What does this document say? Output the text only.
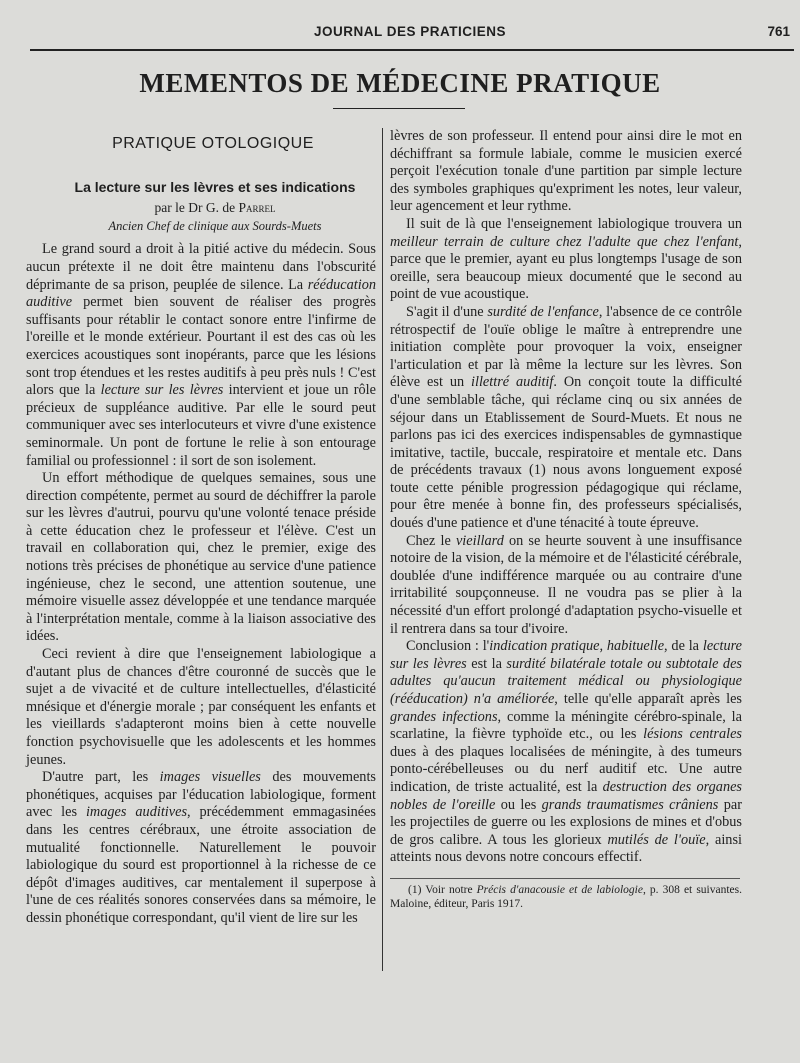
JOURNAL DES PRATICIENS	761
MEMENTOS DE MÉDECINE PRATIQUE
PRATIQUE OTOLOGIQUE
La lecture sur les lèvres et ses indications
par le Dr G. de Parrel
Ancien Chef de clinique aux Sourds-Muets

Le grand sourd a droit à la pitié active du médecin. Sous aucun prétexte il ne doit être maintenu dans l'obscurité déprimante de sa prison, peuplée de silence. La rééducation auditive permet bien souvent de réaliser des progrès suffisants pour rétablir le contact sonore entre l'infirme de l'oreille et le monde extérieur. Pourtant il est des cas où les exercices acoustiques sont inopérants, parce que les lésions sont trop étendues et les restes auditifs à peu près nuls ! C'est alors que la lecture sur les lèvres intervient et joue un rôle précieux de suppléance auditive. Par elle le sourd peut communiquer avec ses interlocuteurs et vivre d'une existence seminormale. Un pont de fortune le relie à son entourage familial ou professionnel : il sort de son isolement.

Un effort méthodique de quelques semaines, sous une direction compétente, permet au sourd de déchiffrer la parole sur les lèvres d'autrui, pourvu qu'une volonté tenace préside à cette éducation chez le professeur et l'élève. C'est un travail en collaboration qui, chez le premier, exige des notions très précises de phonétique au service d'une patience ingénieuse, chez le second, une attention soutenue, une mémoire visuelle assez développée et une tendance marquée à l'interprétation mentale, comme à la liaison associative des idées.

Ceci revient à dire que l'enseignement labiologique a d'autant plus de chances d'être couronné de succès que le sujet a de vivacité et de culture intellectuelles, d'élasticité mnésique et d'énergie morale ; par conséquent les enfants et les vieillards s'adapteront moins bien à cette nouvelle fonction psychovisuelle que les adolescents et les hommes jeunes.

D'autre part, les images visuelles des mouvements phonétiques, acquises par l'éducation labiologique, forment avec les images auditives, précédemment emmagasinées dans les centres cérébraux, une étroite association de mutualité fonctionnelle. Naturellement le pouvoir labiologique du sourd est proportionnel à la richesse de ce dépôt d'images auditives, car mentalement il superpose à l'une de ces réalités sonores conservées dans sa mémoire, le dessin phonétique correspondant, qu'il vient de lire sur les

lèvres de son professeur. Il entend pour ainsi dire le mot en déchiffrant sa formule labiale, comme le musicien exercé perçoit l'exécution tonale d'une partition par simple lecture des symboles graphiques qu'expriment les notes, leur valeur, leur agencement et leur rythme.

Il suit de là que l'enseignement labiologique trouvera un meilleur terrain de culture chez l'adulte que chez l'enfant, parce que le premier, ayant eu plus longtemps l'usage de son oreille, sera beaucoup mieux documenté que le second au point de vue acoustique.

S'agit il d'une surdité de l'enfance, l'absence de ce contrôle rétrospectif de l'ouïe oblige le maître à entreprendre une initiation complète pour provoquer la voix, enseigner l'articulation et par là même la lecture sur les lèvres. Son élève est un illettré auditif. On conçoit toute la difficulté d'une semblable tâche, qui réclame cinq ou six années de séjour dans un Etablissement de Sourd-Muets. Et nous ne parlons pas ici des exercices indispensables de gymnastique imitative, tactile, buccale, respiratoire et mentale etc. Dans de précédents travaux (1) nous avons longuement exposé toute cette pénible progression pédagogique qui réclame, pour être menée à bonne fin, des professeurs spécialisés, doués d'une patience et d'une ténacité à toute épreuve.

Chez le vieillard on se heurte souvent à une insuffisance notoire de la vision, de la mémoire et de l'élasticité cérébrale, doublée d'une indifférence marquée ou au contraire d'une irritabilité soupçonneuse. Il ne voudra pas se plier à la nécessité d'un effort prolongé d'adaptation psycho-visuelle et il rentrera dans sa tour d'ivoire.

Conclusion : l'indication pratique, habituelle, de la lecture sur les lèvres est la surdité bilatérale totale ou subtotale des adultes qu'aucun traitement médical ou physiologique (rééducation) n'a améliorée, telle qu'elle apparaît après les grandes infections, comme la méningite cérébro-spinale, la scarlatine, la fièvre typhoïde etc., ou les lésions centrales dues à des plaques localisées de méningite, à des tumeurs ponto-cérébelleuses ou du nerf auditif etc. Une autre indication, de triste actualité, est la destruction des organes nobles de l'oreille ou les grands traumatismes crâniens par les projectiles de guerre ou les explosions de mines et d'obus de gros calibre. A tous les glorieux mutilés de l'ouïe, ainsi atteints nous devons notre concours effectif.

(1) Voir notre Précis d'anacousie et de labiologie, p. 308 et suivantes. Maloine, éditeur, Paris 1917.
